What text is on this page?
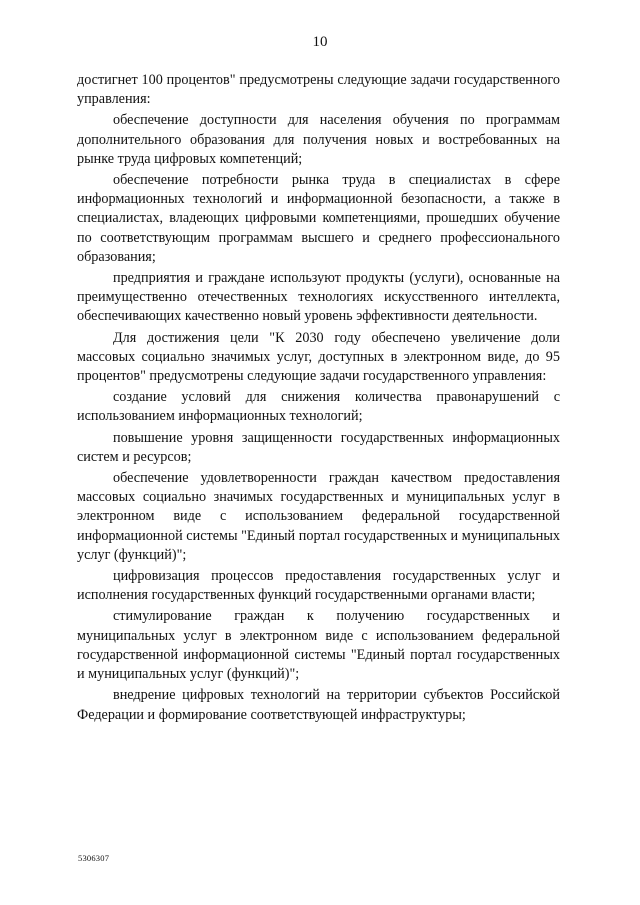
10

достигнет 100 процентов" предусмотрены следующие задачи государственного управления:

обеспечение доступности для населения обучения по программам дополнительного образования для получения новых и востребованных на рынке труда цифровых компетенций;

обеспечение потребности рынка труда в специалистах в сфере информационных технологий и информационной безопасности, а также в специалистах, владеющих цифровыми компетенциями, прошедших обучение по соответствующим программам высшего и среднего профессионального образования;

предприятия и граждане используют продукты (услуги), основанные на преимущественно отечественных технологиях искусственного интеллекта, обеспечивающих качественно новый уровень эффективности деятельности.

Для достижения цели "К 2030 году обеспечено увеличение доли массовых социально значимых услуг, доступных в электронном виде, до 95 процентов" предусмотрены следующие задачи государственного управления:

создание условий для снижения количества правонарушений с использованием информационных технологий;

повышение уровня защищенности государственных информационных систем и ресурсов;

обеспечение удовлетворенности граждан качеством предоставления массовых социально значимых государственных и муниципальных услуг в электронном виде с использованием федеральной государственной информационной системы "Единый портал государственных и муниципальных услуг (функций)";

цифровизация процессов предоставления государственных услуг и исполнения государственных функций государственными органами власти;

стимулирование граждан к получению государственных и муниципальных услуг в электронном виде с использованием федеральной государственной информационной системы "Единый портал государственных и муниципальных услуг (функций)";

внедрение цифровых технологий на территории субъектов Российской Федерации и формирование соответствующей инфраструктуры;

5306307
